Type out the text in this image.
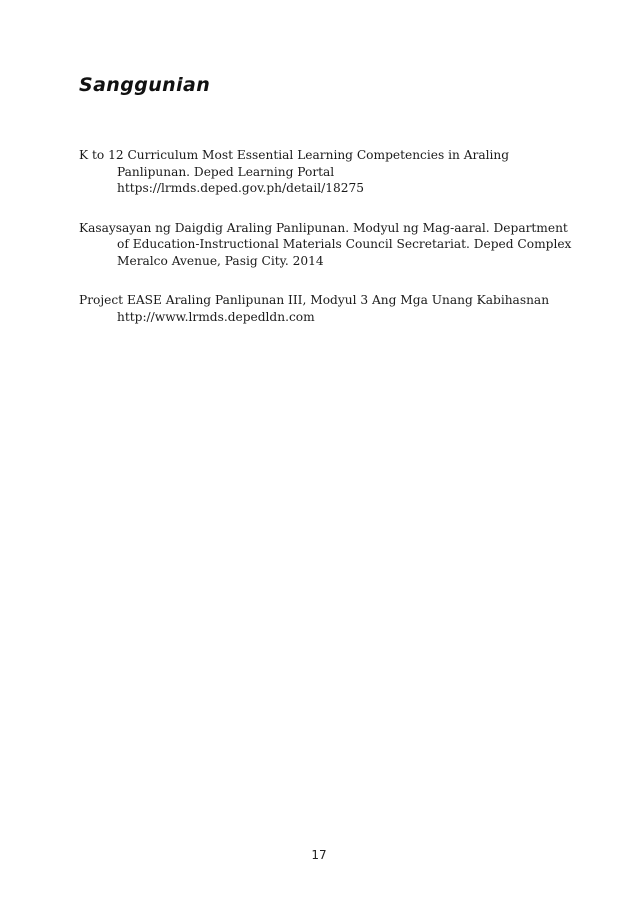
Sanggunian
K to 12 Curriculum Most Essential Learning Competencies in Araling
Panlipunan. Deped Learning Portal
https://lrmds.deped.gov.ph/detail/18275
Kasaysayan ng Daigdig Araling Panlipunan. Modyul ng Mag-aaral. Department
of Education-Instructional Materials Council Secretariat. Deped Complex
Meralco Avenue, Pasig City. 2014
Project EASE Araling Panlipunan III, Modyul 3 Ang Mga Unang Kabihasnan
http://www.lrmds.depedldn.com
17
